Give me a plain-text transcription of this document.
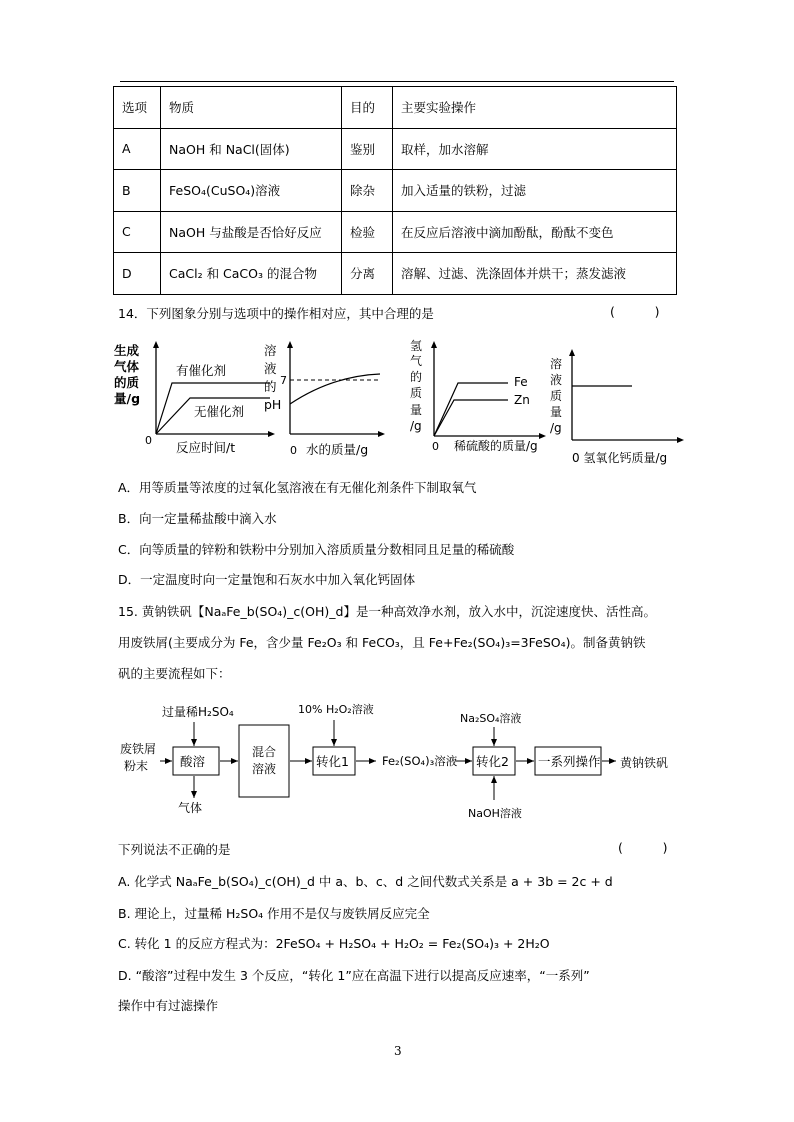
选项	物质	目的	主要实验操作
A	NaOH 和 NaCl(固体)	鉴别	取样，加水溶解
B	FeSO₄(CuSO₄)溶液	除杂	加入适量的铁粉，过滤
C	NaOH 与盐酸是否恰好反应	检验	在反应后溶液中滴加酚酞，酚酞不变色
D	CaCl₂ 和 CaCO₃ 的混合物	分离	溶解、过滤、洗涤固体并烘干；蒸发滤液
14．下列图象分别与选项中的操作相对应，其中合理的是	(          )
生成
气体
的质
量/g
有催化剂
无催化剂
0 反应时间/t
溶
液
的
pH
7
0 水的质量/g
氢
气
的
质
量
/g
Fe
Zn
0 稀硫酸的质量/g
溶
液
质
量
/g
0 氢氧化钙质量/g
A．用等质量等浓度的过氧化氢溶液在有无催化剂条件下制取氧气
B．向一定量稀盐酸中滴入水
C．向等质量的锌粉和铁粉中分别加入溶质质量分数相同且足量的稀硫酸
D．一定温度时向一定量饱和石灰水中加入氧化钙固体
15. 黄钠铁矾【NaₐFe_b(SO₄)_c(OH)_d】是一种高效净水剂，放入水中，沉淀速度快、活性高。
用废铁屑(主要成分为 Fe，含少量 Fe₂O₃ 和 FeCO₃，且 Fe+Fe₂(SO₄)₃=3FeSO₄)。制备黄钠铁
矾的主要流程如下：
过量稀H₂SO₄
废铁屑
粉末
气体
10% H₂O₂溶液
Fe₂(SO₄)₃溶液
Na₂SO₄溶液
NaOH溶液
黄钠铁矾
酸溶
混合
溶液	转化1	转化2 一系列操作
下列说法不正确的是	(          )
A. 化学式 NaₐFe_b(SO₄)_c(OH)_d 中 a、b、c、d 之间代数式关系是 a + 3b = 2c + d
B. 理论上，过量稀 H₂SO₄ 作用不是仅与废铁屑反应完全
C. 转化 1 的反应方程式为：2FeSO₄ + H₂SO₄ + H₂O₂ = Fe₂(SO₄)₃ + 2H₂O
D. “酸溶”过程中发生 3 个反应，“转化 1”应在高温下进行以提高反应速率，“一系列”
操作中有过滤操作
3
